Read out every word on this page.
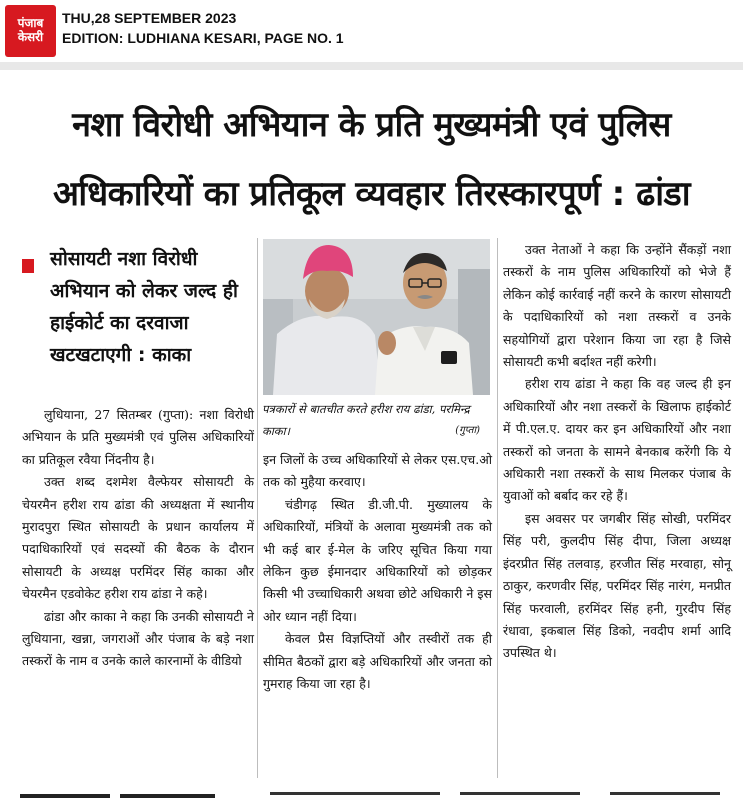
पंजाब
केसरी
THU,28 SEPTEMBER 2023
EDITION: LUDHIANA KESARI, PAGE NO. 1
नशा विरोधी अभियान के प्रति मुख्यमंत्री एवं पुलिस
अधिकारियों का प्रतिकूल व्यवहार तिरस्कारपूर्ण : ढांडा
सोसायटी नशा विरोधी अभियान को लेकर जल्द ही हाईकोर्ट का दरवाजा खटखटाएगी : काका
पत्रकारों से बातचीत करते हरीश राय ढांडा, परमिन्द्र काका।	(गुप्ता)

लुधियाना, 27 सितम्बर (गुप्ता): नशा विरोधी अभियान के प्रति मुख्यमंत्री एवं पुलिस अधिकारियों का प्रतिकूल रवैया निंदनीय है।

उक्त शब्द दशमेश वैल्फेयर सोसायटी के चेयरमैन हरीश राय ढांडा की अध्यक्षता में स्थानीय मुरादपुरा स्थित सोसायटी के प्रधान कार्यालय में पदाधिकारियों एवं सदस्यों की बैठक के दौरान सोसायटी के अध्यक्ष परमिंदर सिंह काका और चेयरमैन एडवोकेट हरीश राय ढांडा ने कहे।

ढांडा और काका ने कहा कि उनकी सोसायटी ने लुधियाना, खन्ना, जगराओं और पंजाब के बड़े नशा तस्करों के नाम व उनके काले कारनामों के वीडियो

इन जिलों के उच्च अधिकारियों से लेकर एस.एच.ओ तक को मुहैया करवाए।

चंडीगढ़ स्थित डी.जी.पी. मुख्यालय के अधिकारियों, मंत्रियों के अलावा मुख्यमंत्री तक को भी कई बार ई-मेल के जरिए सूचित किया गया लेकिन कुछ ईमानदार अधिकारियों को छोड़कर किसी भी उच्चाधिकारी अथवा छोटे अधिकारी ने इस ओर ध्यान नहीं दिया।

केवल प्रैस विज्ञप्तियों और तस्वीरों तक ही सीमित बैठकों द्वारा बड़े अधिकारियों और जनता को गुमराह किया जा रहा है।

उक्त नेताओं ने कहा कि उन्होंने सैंकड़ों नशा तस्करों के नाम पुलिस अधिकारियों को भेजे हैं लेकिन कोई कार्रवाई नहीं करने के कारण सोसायटी के पदाधिकारियों को नशा तस्करों व उनके सहयोगियों द्वारा परेशान किया जा रहा है जिसे सोसायटी कभी बर्दाश्त नहीं करेगी।

हरीश राय ढांडा ने कहा कि वह जल्द ही इन अधिकारियों और नशा तस्करों के खिलाफ हाईकोर्ट में पी.एल.ए. दायर कर इन अधिकारियों और नशा तस्करों को जनता के सामने बेनकाब करेंगी कि ये अधिकारी नशा तस्करों के साथ मिलकर पंजाब के युवाओं को बर्बाद कर रहे हैं।

इस अवसर पर जगबीर सिंह सोखी, परमिंदर सिंह परी, कुलदीप सिंह दीपा, जिला अध्यक्ष इंदरप्रीत सिंह तलवाड़, हरजीत सिंह मरवाहा, सोनू ठाकुर, करणवीर सिंह, परमिंदर सिंह नारंग, मनप्रीत सिंह फरवाली, हरमिंदर सिंह हनी, गुरदीप सिंह रंधावा, इकबाल सिंह डिको, नवदीप शर्मा आदि उपस्थित थे।
